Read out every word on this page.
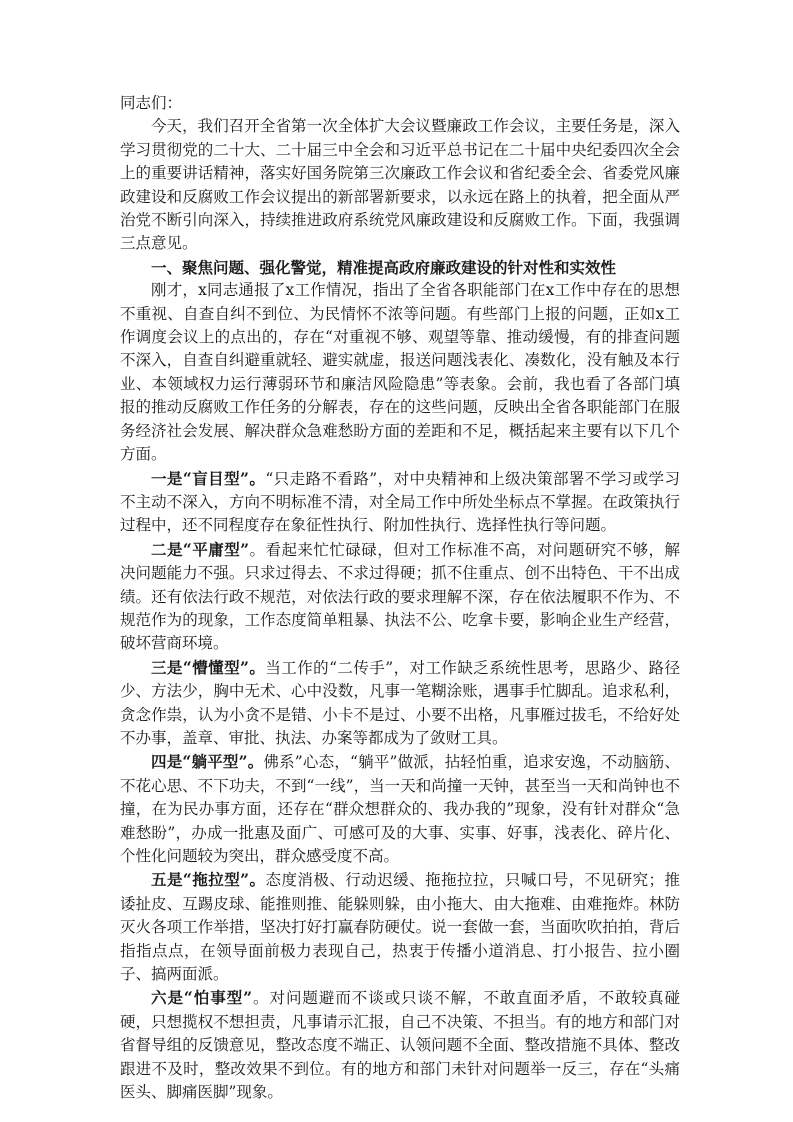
同志们：

今天，我们召开全省第一次全体扩大会议暨廉政工作会议，主要任务是，深入学习贯彻党的二十大、二十届三中全会和习近平总书记在二十届中央纪委四次全会上的重要讲话精神，落实好国务院第三次廉政工作会议和省纪委全会、省委党风廉政建设和反腐败工作会议提出的新部署新要求，以永远在路上的执着，把全面从严治党不断引向深入，持续推进政府系统党风廉政建设和反腐败工作。下面，我强调三点意见。

一、聚焦问题、强化警觉，精准提高政府廉政建设的针对性和实效性

刚才，x同志通报了x工作情况，指出了全省各职能部门在x工作中存在的思想不重视、自查自纠不到位、为民情怀不浓等问题。有些部门上报的问题，正如x工作调度会议上的点出的，存在“对重视不够、观望等靠、推动缓慢，有的排查问题不深入，自查自纠避重就轻、避实就虚，报送问题浅表化、凑数化，没有触及本行业、本领域权力运行薄弱环节和廉洁风险隐患”等表象。会前，我也看了各部门填报的推动反腐败工作任务的分解表，存在的这些问题，反映出全省各职能部门在服务经济社会发展、解决群众急难愁盼方面的差距和不足，概括起来主要有以下几个方面。

一是“盲目型”。“只走路不看路”，对中央精神和上级决策部署不学习或学习不主动不深入，方向不明标准不清，对全局工作中所处坐标点不掌握。在政策执行过程中，还不同程度存在象征性执行、附加性执行、选择性执行等问题。

二是“平庸型”。看起来忙忙碌碌，但对工作标准不高，对问题研究不够，解决问题能力不强。只求过得去、不求过得硬；抓不住重点、创不出特色、干不出成绩。还有依法行政不规范，对依法行政的要求理解不深，存在依法履职不作为、不规范作为的现象，工作态度简单粗暴、执法不公、吃拿卡要，影响企业生产经营，破坏营商环境。

三是“懵懂型”。当工作的“二传手”，对工作缺乏系统性思考，思路少、路径少、方法少，胸中无术、心中没数，凡事一笔糊涂账，遇事手忙脚乱。追求私利，贪念作祟，认为小贪不是错、小卡不是过、小要不出格，凡事雁过拔毛，不给好处不办事，盖章、审批、执法、办案等都成为了敛财工具。

四是“躺平型”。佛系”心态，“躺平”做派，拈轻怕重，追求安逸，不动脑筋、不花心思、不下功夫，不到“一线”，当一天和尚撞一天钟，甚至当一天和尚钟也不撞，在为民办事方面，还存在“群众想群众的、我办我的”现象，没有针对群众“急难愁盼”，办成一批惠及面广、可感可及的大事、实事、好事，浅表化、碎片化、个性化问题较为突出，群众感受度不高。

五是“拖拉型”。态度消极、行动迟缓、拖拖拉拉，只喊口号，不见研究；推诿扯皮、互踢皮球、能推则推、能躲则躲，由小拖大、由大拖难、由难拖炸。林防灭火各项工作举措，坚决打好打赢春防硬仗。说一套做一套，当面吹吹拍拍，背后指指点点，在领导面前极力表现自己，热衷于传播小道消息、打小报告、拉小圈子、搞两面派。

六是“怕事型”。对问题避而不谈或只谈不解，不敢直面矛盾，不敢较真碰硬，只想揽权不想担责，凡事请示汇报，自己不决策、不担当。有的地方和部门对省督导组的反馈意见，整改态度不端正、认领问题不全面、整改措施不具体、整改跟进不及时，整改效果不到位。有的地方和部门未针对问题举一反三，存在“头痛医头、脚痛医脚”现象。
